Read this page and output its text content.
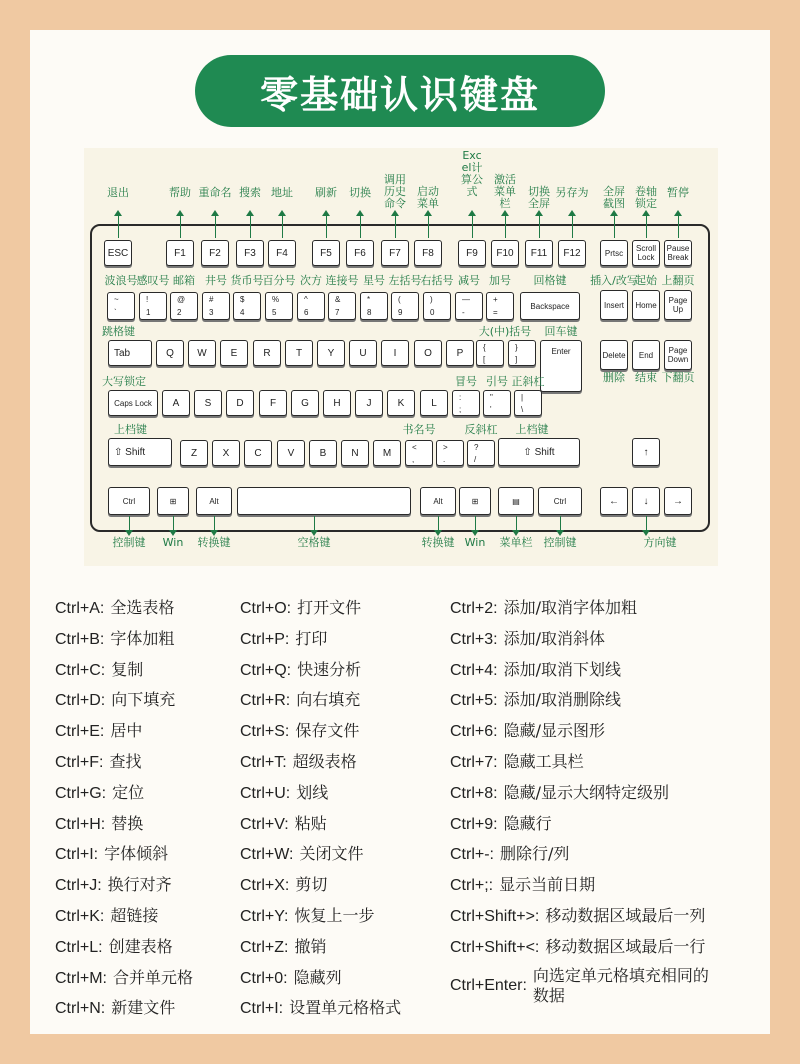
零基础认识键盘
ESC
退出
F1
帮助
F2
重命名
F3
搜索
F4
地址
F5
刷新
F6
切换
F7
调用历史命令
F8
启动菜单
F9
Excel计算公式
F10
激活菜单栏
F11
切换全屏
F12
另存为
Prtsc
全屏截图
Scroll Lock
卷轴锁定
Pause Break
暂停
~
`
波浪号
!
1
感叹号
@
2
邮箱
#
3
井号
$
4
货币号
%
5
百分号
^
6
次方
&
7
连接号
*
8
星号
(
9
左括号
)
0
右括号
—
-
减号
+
=
加号
Backspace
回格键
Insert
插入/改写
Home
起始
Page Up
上翻页
Delete
删除
End
结束
Page Down
下翻页
Tab
跳格键
Q	W	E	R	T	Y	U	I	O	P
{
[
}
]
大(中)括号
Enter
回车键
Caps Lock
大写锁定
A	S	D	F	G	H	J	K	L
:
;
冒号
"
'
引号
|
\
正斜杠
⇧ Shift
上档键
Z	X	C	V	B	N	M
<
,
书名号
>
.
?
/
反斜杠
⇧ Shift
上档键
↑
←	↓	→
方向键
Ctrl
控制键
⊞
Win
Alt
转换键	空格键
Alt
转换键
⊞
Win
▤
菜单栏
Ctrl
控制键
Ctrl+A: 全选表格
Ctrl+B: 字体加粗
Ctrl+C: 复制
Ctrl+D: 向下填充
Ctrl+E: 居中
Ctrl+F: 查找
Ctrl+G: 定位
Ctrl+H: 替换
Ctrl+I: 字体倾斜
Ctrl+J: 换行对齐
Ctrl+K: 超链接
Ctrl+L: 创建表格
Ctrl+M: 合并单元格
Ctrl+N: 新建文件
Ctrl+O: 打开文件
Ctrl+P: 打印
Ctrl+Q: 快速分析
Ctrl+R: 向右填充
Ctrl+S: 保存文件
Ctrl+T: 超级表格
Ctrl+U: 划线
Ctrl+V: 粘贴
Ctrl+W: 关闭文件
Ctrl+X: 剪切
Ctrl+Y: 恢复上一步
Ctrl+Z: 撤销
Ctrl+0: 隐藏列
Ctrl+I: 设置单元格格式
Ctrl+2: 添加/取消字体加粗
Ctrl+3: 添加/取消斜体
Ctrl+4: 添加/取消下划线
Ctrl+5: 添加/取消删除线
Ctrl+6: 隐藏/显示图形
Ctrl+7: 隐藏工具栏
Ctrl+8: 隐藏/显示大纲特定级别
Ctrl+9: 隐藏行
Ctrl+-: 删除行/列
Ctrl+;: 显示当前日期
Ctrl+Shift+>: 移动数据区域最后一列
Ctrl+Shift+<: 移动数据区域最后一行
Ctrl+Enter:
向选定单元格填充相同的数据
